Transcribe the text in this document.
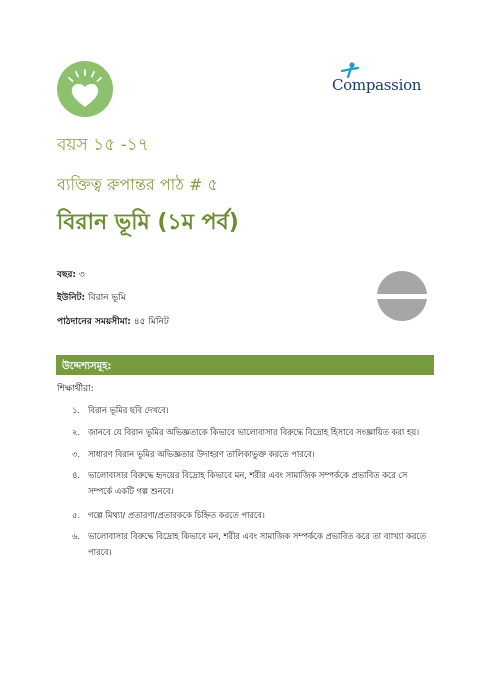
Compassion
বয়স ১৫ -১৭
ব্যক্তিত্ব রুপান্তর পাঠ # ৫
বিরান ভূমি (১ম পর্ব)
বছর: ৩
ইউনিট: বিরান ভূমি
পাঠদানের সময়সীমা: ৪৫ মিনিট
উদ্দেশ্যসমূহ:
শিক্ষার্থীরা:
১. বিরান ভূমির ছবি দেখবে।
২. জানবে যে বিরান ভূমির অভিজ্ঞতাকে কিভাবে ভালোবাসার বিরুদ্ধে বিদ্রোহ হিসাবে সংজ্ঞায়িত করা হয়।
৩. সাধারণ বিরান ভূমির অভিজ্ঞতার উদাহরণ তালিকাভুক্ত করতে পারবে।
৪. ভালোবাসার বিরুদ্ধে হৃদয়ের বিদ্রোহ কিভাবে মন, শরীর এবং সামাজিক সম্পর্ককে প্রভাবিত করে সে সম্পর্কে একটি গল্প শুনবে।
৫. গল্পে মিথ্যা/ প্রতারণা/প্রতারককে চিহ্নিত করতে পারবে।
৬. ভালোবাসার বিরুদ্ধে বিদ্রোহ কিভাবে মন, শরীর এবং সামাজিক সম্পর্ককে প্রভাবিত করে তা ব্যাখ্যা করতে পারবে।
